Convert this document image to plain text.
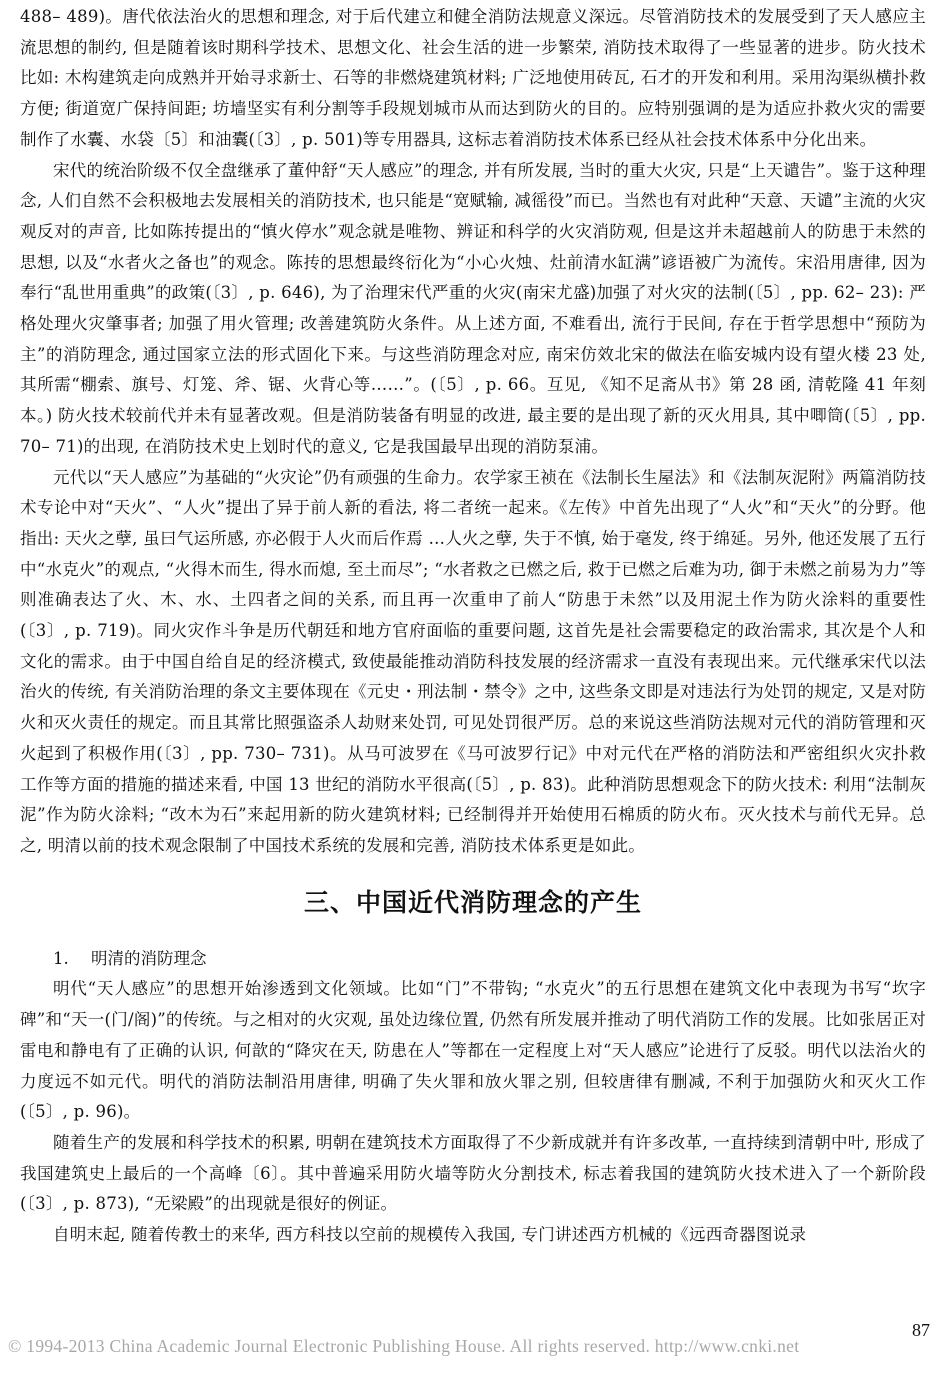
488– 489)。唐代依法治火的思想和理念, 对于后代建立和健全消防法规意义深远。尽管消防技术的发展受到了天人感应主流思想的制约, 但是随着该时期科学技术、思想文化、社会生活的进一步繁荣, 消防技术取得了一些显著的进步。防火技术比如: 木构建筑走向成熟并开始寻求新士、石等的非燃烧建筑材料; 广泛地使用砖瓦, 石才的开发和利用。采用沟渠纵横扑救方便; 街道宽广保持间距; 坊墙坚实有利分割等手段规划城市从而达到防火的目的。应特别强调的是为适应扑救火灾的需要制作了水囊、水袋〔5〕和油囊(〔3〕, p. 501)等专用器具, 这标志着消防技术体系已经从社会技术体系中分化出来。

宋代的统治阶级不仅全盘继承了董仲舒“天人感应”的理念, 并有所发展, 当时的重大火灾, 只是“上天谴告”。鉴于这种理念, 人们自然不会积极地去发展相关的消防技术, 也只能是“宽赋输, 减徭役”而已。当然也有对此种“天意、天谴”主流的火灾观反对的声音, 比如陈抟提出的“慎火停水”观念就是唯物、辨证和科学的火灾消防观, 但是这并未超越前人的防患于未然的思想, 以及“水者火之备也”的观念。陈抟的思想最终衍化为“小心火烛、灶前清水缸满”谚语被广为流传。宋沿用唐律, 因为奉行“乱世用重典”的政策(〔3〕, p. 646), 为了治理宋代严重的火灾(南宋尤盛)加强了对火灾的法制(〔5〕, pp. 62– 23): 严格处理火灾肇事者; 加强了用火管理; 改善建筑防火条件。从上述方面, 不难看出, 流行于民间, 存在于哲学思想中“预防为主”的消防理念, 通过国家立法的形式固化下来。与这些消防理念对应, 南宋仿效北宋的做法在临安城内设有望火楼 23 处, 其所需“棚索、旗号、灯笼、斧、锯、火背心等……”。(〔5〕, p. 66。互见, 《知不足斋从书》第 28 函, 清乾隆 41 年刻本。) 防火技术较前代并未有显著改观。但是消防装备有明显的改进, 最主要的是出现了新的灭火用具, 其中唧筒(〔5〕, pp. 70– 71)的出现, 在消防技术史上划时代的意义, 它是我国最早出现的消防泵浦。

元代以“天人感应”为基础的“火灾论”仍有顽强的生命力。农学家王祯在《法制长生屋法》和《法制灰泥附》两篇消防技术专论中对“天火”、“人火”提出了异于前人新的看法, 将二者统一起来。《左传》中首先出现了“人火”和“天火”的分野。他指出: 天火之孽, 虽曰气运所感, 亦必假于人火而后作焉 …人火之孽, 失于不慎, 始于毫发, 终于绵延。另外, 他还发展了五行中“水克火”的观点, “火得木而生, 得水而熄, 至土而尽”; “水者救之已燃之后, 救于已燃之后难为功, 御于未燃之前易为力”等则准确表达了火、木、水、土四者之间的关系, 而且再一次重申了前人“防患于未然”以及用泥土作为防火涂料的重要性(〔3〕, p. 719)。同火灾作斗争是历代朝廷和地方官府面临的重要问题, 这首先是社会需要稳定的政治需求, 其次是个人和文化的需求。由于中国自给自足的经济模式, 致使最能推动消防科技发展的经济需求一直没有表现出来。元代继承宋代以法治火的传统, 有关消防治理的条文主要体现在《元史・刑法制・禁令》之中, 这些条文即是对违法行为处罚的规定, 又是对防火和灭火责任的规定。而且其常比照强盗杀人劫财来处罚, 可见处罚很严厉。总的来说这些消防法规对元代的消防管理和灭火起到了积极作用(〔3〕, pp. 730– 731)。从马可波罗在《马可波罗行记》中对元代在严格的消防法和严密组织火灾扑救工作等方面的措施的描述来看, 中国 13 世纪的消防水平很高(〔5〕, p. 83)。此种消防思想观念下的防火技术: 利用“法制灰泥”作为防火涂料; “改木为石”来起用新的防火建筑材料; 已经制得并开始使用石棉质的防火布。灭火技术与前代无异。总之, 明清以前的技术观念限制了中国技术系统的发展和完善, 消防技术体系更是如此。

三、中国近代消防理念的产生

1. 明清的消防理念

明代“天人感应”的思想开始渗透到文化领域。比如“门”不带钩; “水克火”的五行思想在建筑文化中表现为书写“坎字碑”和“天一(门/阁)”的传统。与之相对的火灾观, 虽处边缘位置, 仍然有所发展并推动了明代消防工作的发展。比如张居正对雷电和静电有了正确的认识, 何歆的“降灾在天, 防患在人”等都在一定程度上对“天人感应”论进行了反驳。明代以法治火的力度远不如元代。明代的消防法制沿用唐律, 明确了失火罪和放火罪之别, 但较唐律有删减, 不利于加强防火和灭火工作(〔5〕, p. 96)。

随着生产的发展和科学技术的积累, 明朝在建筑技术方面取得了不少新成就并有许多改革, 一直持续到清朝中叶, 形成了我国建筑史上最后的一个高峰〔6〕。其中普遍采用防火墙等防火分割技术, 标志着我国的建筑防火技术进入了一个新阶段(〔3〕, p. 873), “无梁殿”的出现就是很好的例证。

自明末起, 随着传教士的来华, 西方科技以空前的规模传入我国, 专门讲述西方机械的《远西奇器图说录

© 1994-2013 China Academic Journal Electronic Publishing House. All rights reserved. http://www.cnki.net
87
